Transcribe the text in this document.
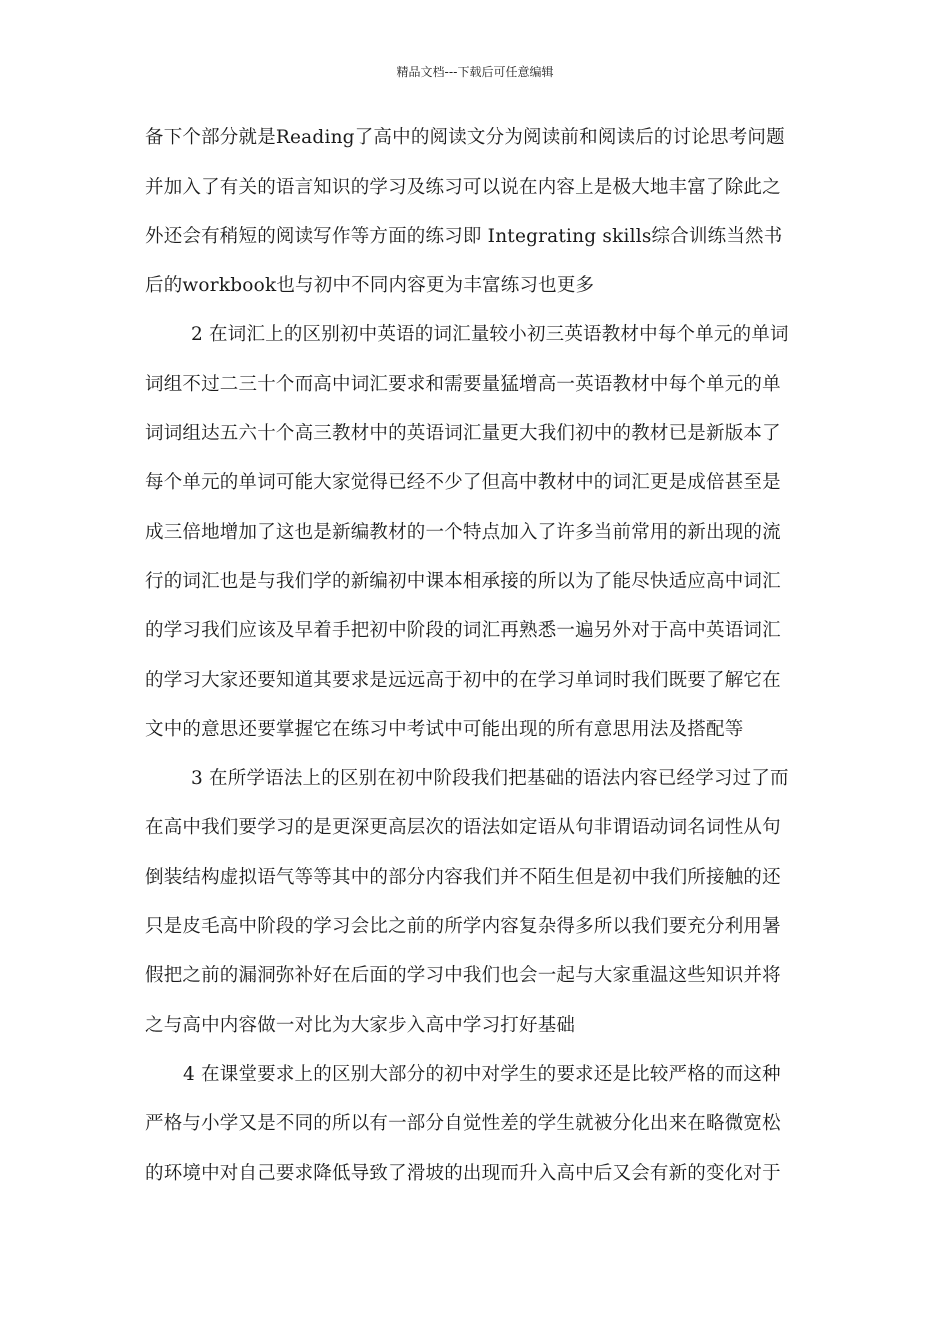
精品文档---下载后可任意编辑
备下个部分就是Reading了高中的阅读文分为阅读前和阅读后的讨论思考问题
并加入了有关的语言知识的学习及练习可以说在内容上是极大地丰富了除此之
外还会有稍短的阅读写作等方面的练习即 Integrating skills综合训练当然书
后的workbook也与初中不同内容更为丰富练习也更多
2 在词汇上的区别初中英语的词汇量较小初三英语教材中每个单元的单词
词组不过二三十个而高中词汇要求和需要量猛增高一英语教材中每个单元的单
词词组达五六十个高三教材中的英语词汇量更大我们初中的教材已是新版本了
每个单元的单词可能大家觉得已经不少了但高中教材中的词汇更是成倍甚至是
成三倍地增加了这也是新编教材的一个特点加入了许多当前常用的新出现的流
行的词汇也是与我们学的新编初中课本相承接的所以为了能尽快适应高中词汇
的学习我们应该及早着手把初中阶段的词汇再熟悉一遍另外对于高中英语词汇
的学习大家还要知道其要求是远远高于初中的在学习单词时我们既要了解它在
文中的意思还要掌握它在练习中考试中可能出现的所有意思用法及搭配等
3 在所学语法上的区别在初中阶段我们把基础的语法内容已经学习过了而
在高中我们要学习的是更深更高层次的语法如定语从句非谓语动词名词性从句
倒装结构虚拟语气等等其中的部分内容我们并不陌生但是初中我们所接触的还
只是皮毛高中阶段的学习会比之前的所学内容复杂得多所以我们要充分利用暑
假把之前的漏洞弥补好在后面的学习中我们也会一起与大家重温这些知识并将
之与高中内容做一对比为大家步入高中学习打好基础
4 在课堂要求上的区别大部分的初中对学生的要求还是比较严格的而这种
严格与小学又是不同的所以有一部分自觉性差的学生就被分化出来在略微宽松
的环境中对自己要求降低导致了滑坡的出现而升入高中后又会有新的变化对于
